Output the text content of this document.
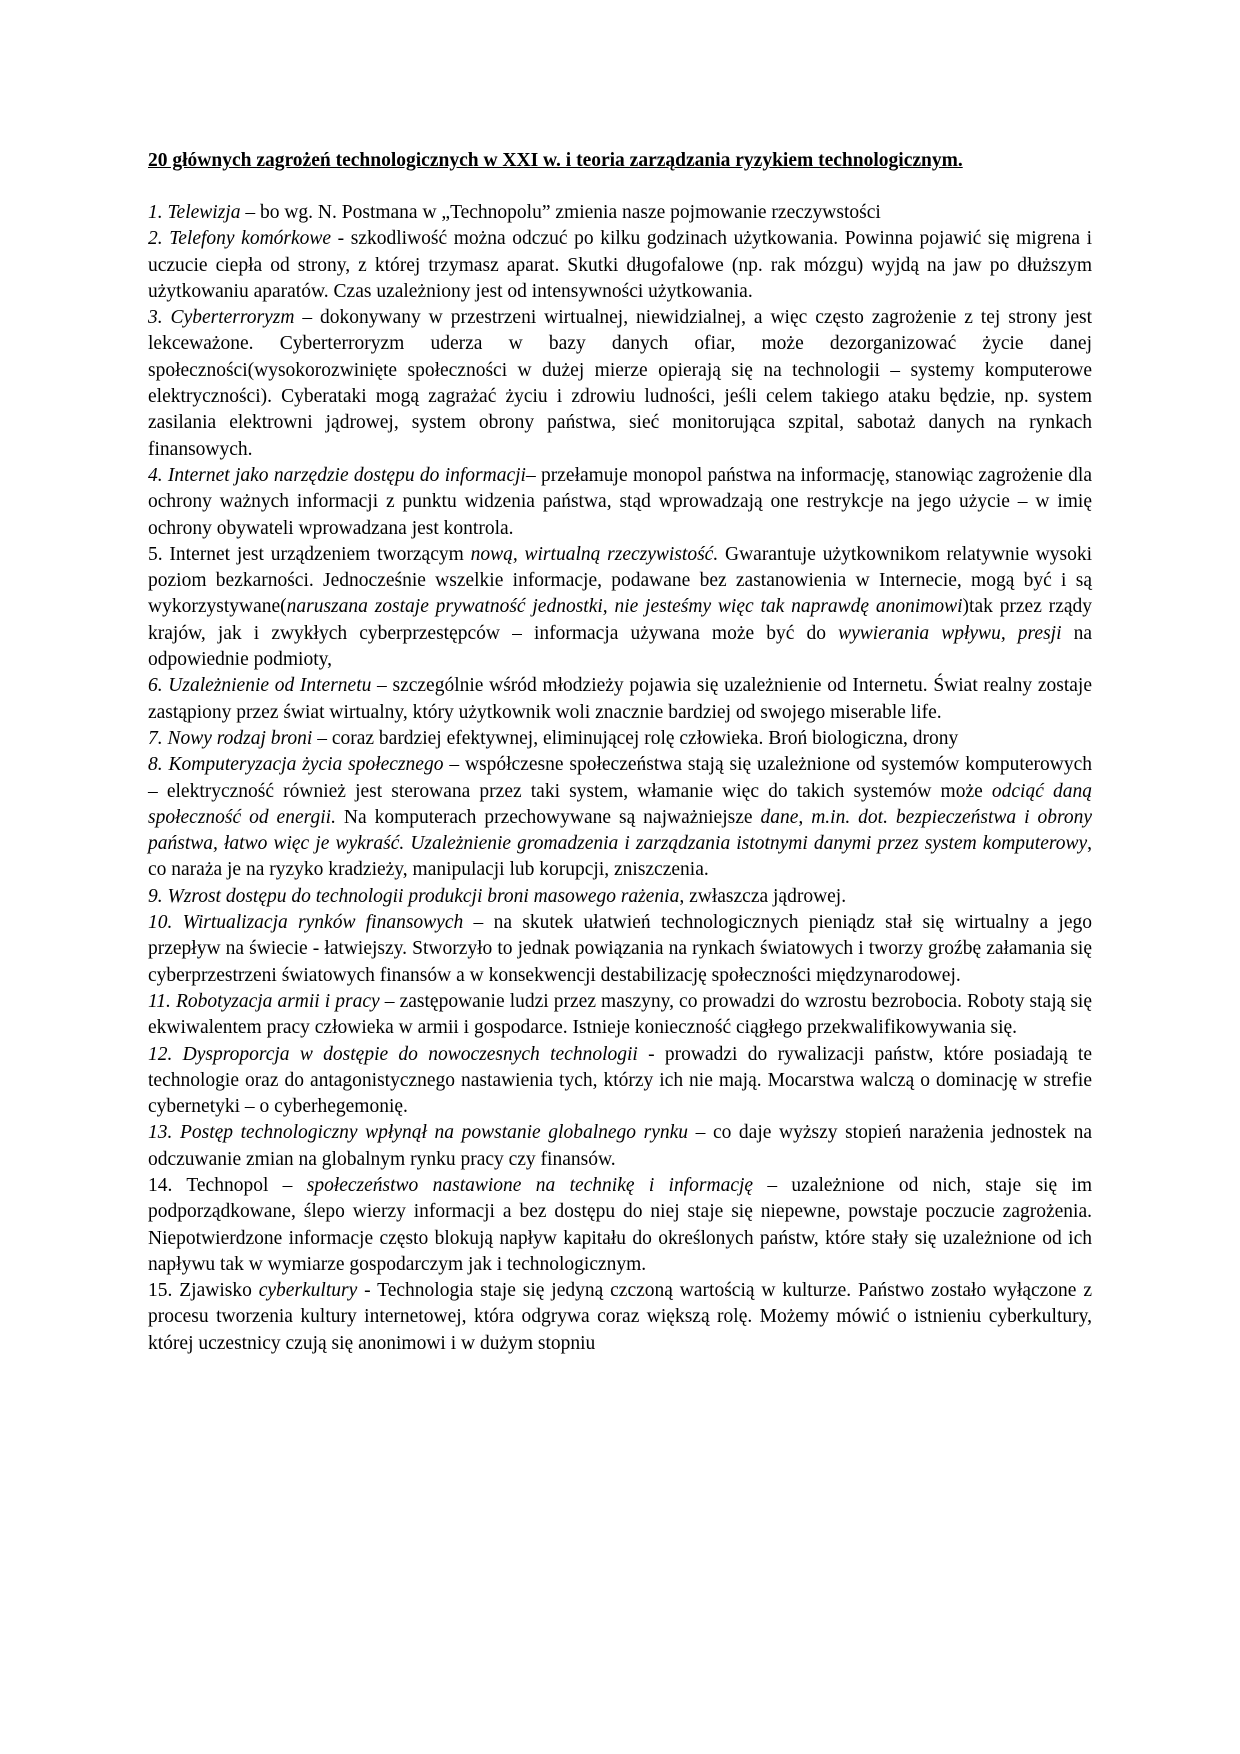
20 głównych zagrożeń technologicznych w XXI w. i teoria zarządzania ryzykiem technologicznym.

1. Telewizja – bo wg. N. Postmana w „Technopolu” zmienia nasze pojmowanie rzeczywstości

2. Telefony komórkowe - szkodliwość można odczuć po kilku godzinach użytkowania. Powinna pojawić się migrena i uczucie ciepła od strony, z której trzymasz aparat. Skutki długofalowe (np. rak mózgu) wyjdą na jaw po dłuższym użytkowaniu aparatów. Czas uzależniony jest od intensywności użytkowania.

3. Cyberterroryzm – dokonywany w przestrzeni wirtualnej, niewidzialnej, a więc często zagrożenie z tej strony jest lekceważone. Cyberterroryzm uderza w bazy danych ofiar, może dezorganizować życie danej społeczności(wysokorozwinięte społeczności w dużej mierze opierają się na technologii – systemy komputerowe elektryczności). Cyberataki mogą zagrażać życiu i zdrowiu ludności, jeśli celem takiego ataku będzie, np. system zasilania elektrowni jądrowej, system obrony państwa, sieć monitorująca szpital, sabotaż danych na rynkach finansowych.

4. Internet jako narzędzie dostępu do informacji– przełamuje monopol państwa na informację, stanowiąc zagrożenie dla ochrony ważnych informacji z punktu widzenia państwa, stąd wprowadzają one restrykcje na jego użycie – w imię ochrony obywateli wprowadzana jest kontrola.

5. Internet jest urządzeniem tworzącym nową, wirtualną rzeczywistość. Gwarantuje użytkownikom relatywnie wysoki poziom bezkarności. Jednocześnie wszelkie informacje, podawane bez zastanowienia w Internecie, mogą być i są wykorzystywane(naruszana zostaje prywatność jednostki, nie jesteśmy więc tak naprawdę anonimowi)tak przez rządy krajów, jak i zwykłych cyberprzestępców – informacja używana może być do wywierania wpływu, presji na odpowiednie podmioty,

6. Uzależnienie od Internetu – szczególnie wśród młodzieży pojawia się uzależnienie od Internetu. Świat realny zostaje zastąpiony przez świat wirtualny, który użytkownik woli znacznie bardziej od swojego miserable life.

7. Nowy rodzaj broni – coraz bardziej efektywnej, eliminującej rolę człowieka. Broń biologiczna, drony

8. Komputeryzacja życia społecznego – współczesne społeczeństwa stają się uzależnione od systemów komputerowych – elektryczność również jest sterowana przez taki system, włamanie więc do takich systemów może odciąć daną społeczność od energii. Na komputerach przechowywane są najważniejsze dane, m.in. dot. bezpieczeństwa i obrony państwa, łatwo więc je wykraść. Uzależnienie gromadzenia i zarządzania istotnymi danymi przez system komputerowy, co naraża je na ryzyko kradzieży, manipulacji lub korupcji, zniszczenia.

9. Wzrost dostępu do technologii produkcji broni masowego rażenia, zwłaszcza jądrowej.

10. Wirtualizacja rynków finansowych – na skutek ułatwień technologicznych pieniądz stał się wirtualny a jego przepływ na świecie - łatwiejszy. Stworzyło to jednak powiązania na rynkach światowych i tworzy groźbę załamania się cyberprzestrzeni światowych finansów a w konsekwencji destabilizację społeczności międzynarodowej.

11. Robotyzacja armii i pracy – zastępowanie ludzi przez maszyny, co prowadzi do wzrostu bezrobocia. Roboty stają się ekwiwalentem pracy człowieka w armii i gospodarce. Istnieje konieczność ciągłego przekwalifikowywania się.

12. Dysproporcja w dostępie do nowoczesnych technologii - prowadzi do rywalizacji państw, które posiadają te technologie oraz do antagonistycznego nastawienia tych, którzy ich nie mają. Mocarstwa walczą o dominację w strefie cybernetyki – o cyberhegemonię.

13. Postęp technologiczny wpłynął na powstanie globalnego rynku – co daje wyższy stopień narażenia jednostek na odczuwanie zmian na globalnym rynku pracy czy finansów.

14. Technopol – społeczeństwo nastawione na technikę i informację – uzależnione od nich, staje się im podporządkowane, ślepo wierzy informacji a bez dostępu do niej staje się niepewne, powstaje poczucie zagrożenia. Niepotwierdzone informacje często blokują napływ kapitału do określonych państw, które stały się uzależnione od ich napływu tak w wymiarze gospodarczym jak i technologicznym.

15. Zjawisko cyberkultury - Technologia staje się jedyną czczoną wartością w kulturze. Państwo zostało wyłączone z procesu tworzenia kultury internetowej, która odgrywa coraz większą rolę. Możemy mówić o istnieniu cyberkultury, której uczestnicy czują się anonimowi i w dużym stopniu
